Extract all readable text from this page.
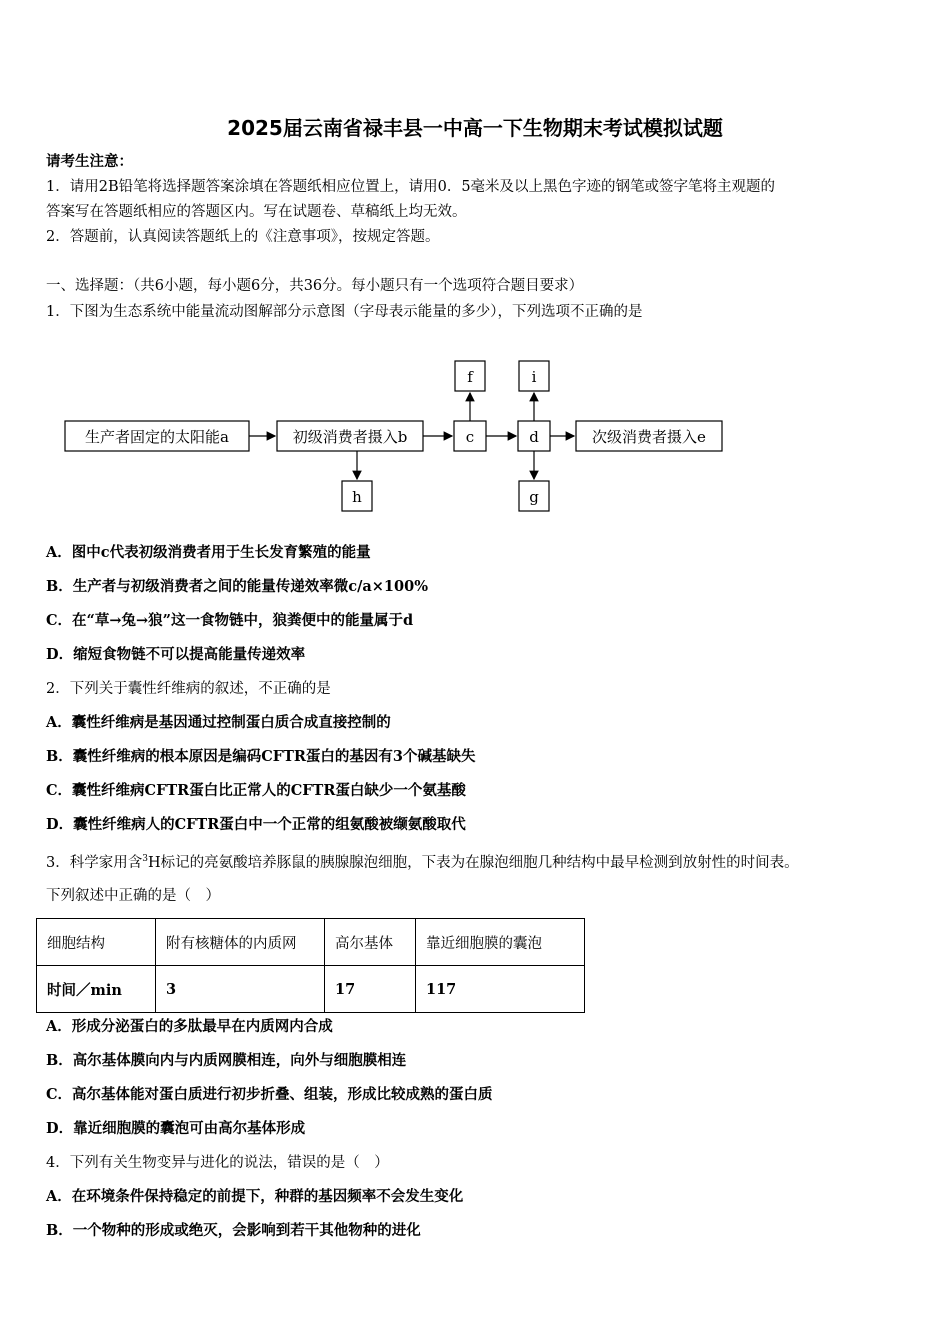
2025届云南省禄丰县一中高一下生物期末考试模拟试题
请考生注意：
1．请用2B铅笔将选择题答案涂填在答题纸相应位置上，请用0．5毫米及以上黑色字迹的钢笔或签字笔将主观题的
答案写在答题纸相应的答题区内。写在试题卷、草稿纸上均无效。
2．答题前，认真阅读答题纸上的《注意事项》，按规定答题。
一、选择题：（共6小题，每小题6分，共36分。每小题只有一个选项符合题目要求）
1．下图为生态系统中能量流动图解部分示意图（字母表示能量的多少），下列选项不正确的是
生产者固定的太阳能a	初级消费者摄入b	c	d	次级消费者摄入e
f	i
h	g
A．图中c代表初级消费者用于生长发育繁殖的能量
B．生产者与初级消费者之间的能量传递效率微c/a×100%
C．在“草→兔→狼”这一食物链中，狼粪便中的能量属于d
D．缩短食物链不可以提高能量传递效率
2．下列关于囊性纤维病的叙述，不正确的是
A．囊性纤维病是基因通过控制蛋白质合成直接控制的
B．囊性纤维病的根本原因是编码CFTR蛋白的基因有3个碱基缺失
C．囊性纤维病CFTR蛋白比正常人的CFTR蛋白缺少一个氨基酸
D．囊性纤维病人的CFTR蛋白中一个正常的组氨酸被缬氨酸取代
3．科学家用含$^3$H标记的亮氨酸培养豚鼠的胰腺腺泡细胞，下表为在腺泡细胞几种结构中最早检测到放射性的时间表。
下列叙述中正确的是（　）
细胞结构	附有核糖体的内质网	高尔基体	靠近细胞膜的囊泡
时间／min	3	17	117
A．形成分泌蛋白的多肽最早在内质网内合成
B．高尔基体膜向内与内质网膜相连，向外与细胞膜相连
C．高尔基体能对蛋白质进行初步折叠、组装，形成比较成熟的蛋白质
D．靠近细胞膜的囊泡可由高尔基体形成
4．下列有关生物变异与进化的说法，错误的是（　）
A．在环境条件保持稳定的前提下，种群的基因频率不会发生变化
B．一个物种的形成或绝灭，会影响到若干其他物种的进化
